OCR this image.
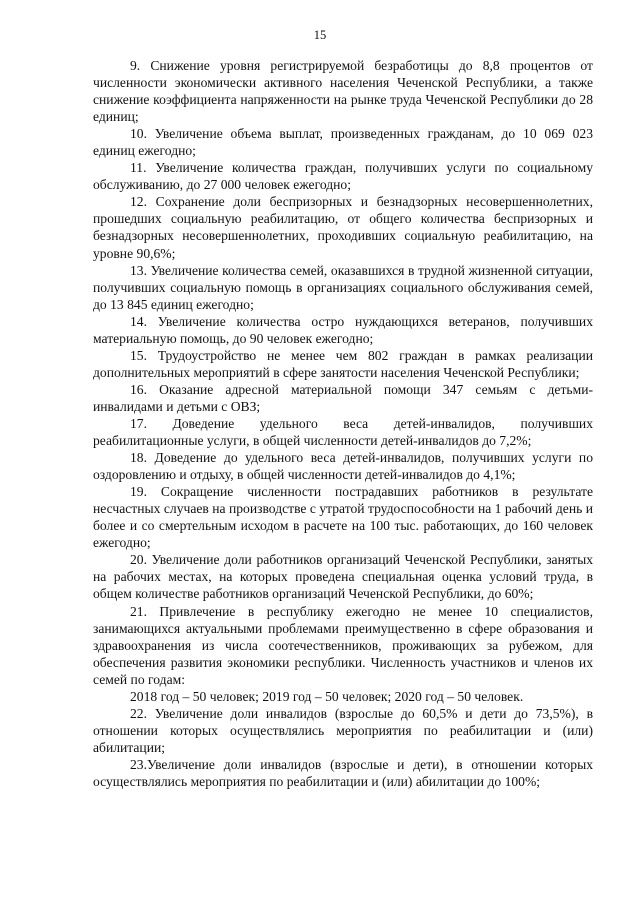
15

9. Снижение уровня регистрируемой безработицы до 8,8 процентов от численности экономически активного населения Чеченской Республики, а также снижение коэффициента напряженности на рынке труда Чеченской Республики до 28 единиц;

10. Увеличение объема выплат, произведенных гражданам, до 10 069 023 единиц ежегодно;

11. Увеличение количества граждан, получивших услуги по социальному обслуживанию, до 27 000 человек ежегодно;

12. Сохранение доли беспризорных и безнадзорных несовершеннолетних, прошедших социальную реабилитацию, от общего количества беспризорных и безнадзорных несовершеннолетних, проходивших социальную реабилитацию, на уровне 90,6%;

13. Увеличение количества семей, оказавшихся в трудной жизненной ситуации, получивших социальную помощь в организациях социального обслуживания семей, до 13 845 единиц ежегодно;

14. Увеличение количества остро нуждающихся ветеранов, получивших материальную помощь, до 90 человек ежегодно;

15. Трудоустройство не менее чем 802 граждан в рамках реализации дополнительных мероприятий в сфере занятости населения Чеченской Республики;

16. Оказание адресной материальной помощи 347 семьям с детьми-инвалидами и детьми с ОВЗ;

17. Доведение удельного веса детей-инвалидов, получивших реабилитационные услуги, в общей численности детей-инвалидов до 7,2%;

18. Доведение до удельного веса детей-инвалидов, получивших услуги по оздоровлению и отдыху, в общей численности детей-инвалидов до 4,1%;

19. Сокращение численности пострадавших работников в результате несчастных случаев на производстве с утратой трудоспособности на 1 рабочий день и более и со смертельным исходом в расчете на 100 тыс. работающих, до 160 человек ежегодно;

20. Увеличение доли работников организаций Чеченской Республики, занятых на рабочих местах, на которых проведена специальная оценка условий труда, в общем количестве работников организаций Чеченской Республики, до 60%;

21. Привлечение в республику ежегодно не менее 10 специалистов, занимающихся актуальными проблемами преимущественно в сфере образования и здравоохранения из числа соотечественников, проживающих за рубежом, для обеспечения развития экономики республики. Численность участников и членов их семей по годам:

2018 год – 50 человек; 2019 год – 50 человек; 2020 год – 50 человек.

22. Увеличение доли инвалидов (взрослые до 60,5% и дети до 73,5%), в отношении которых осуществлялись мероприятия по реабилитации и (или) абилитации;

23.Увеличение доли инвалидов (взрослые и дети), в отношении которых осуществлялись мероприятия по реабилитации и (или) абилитации до 100%;
